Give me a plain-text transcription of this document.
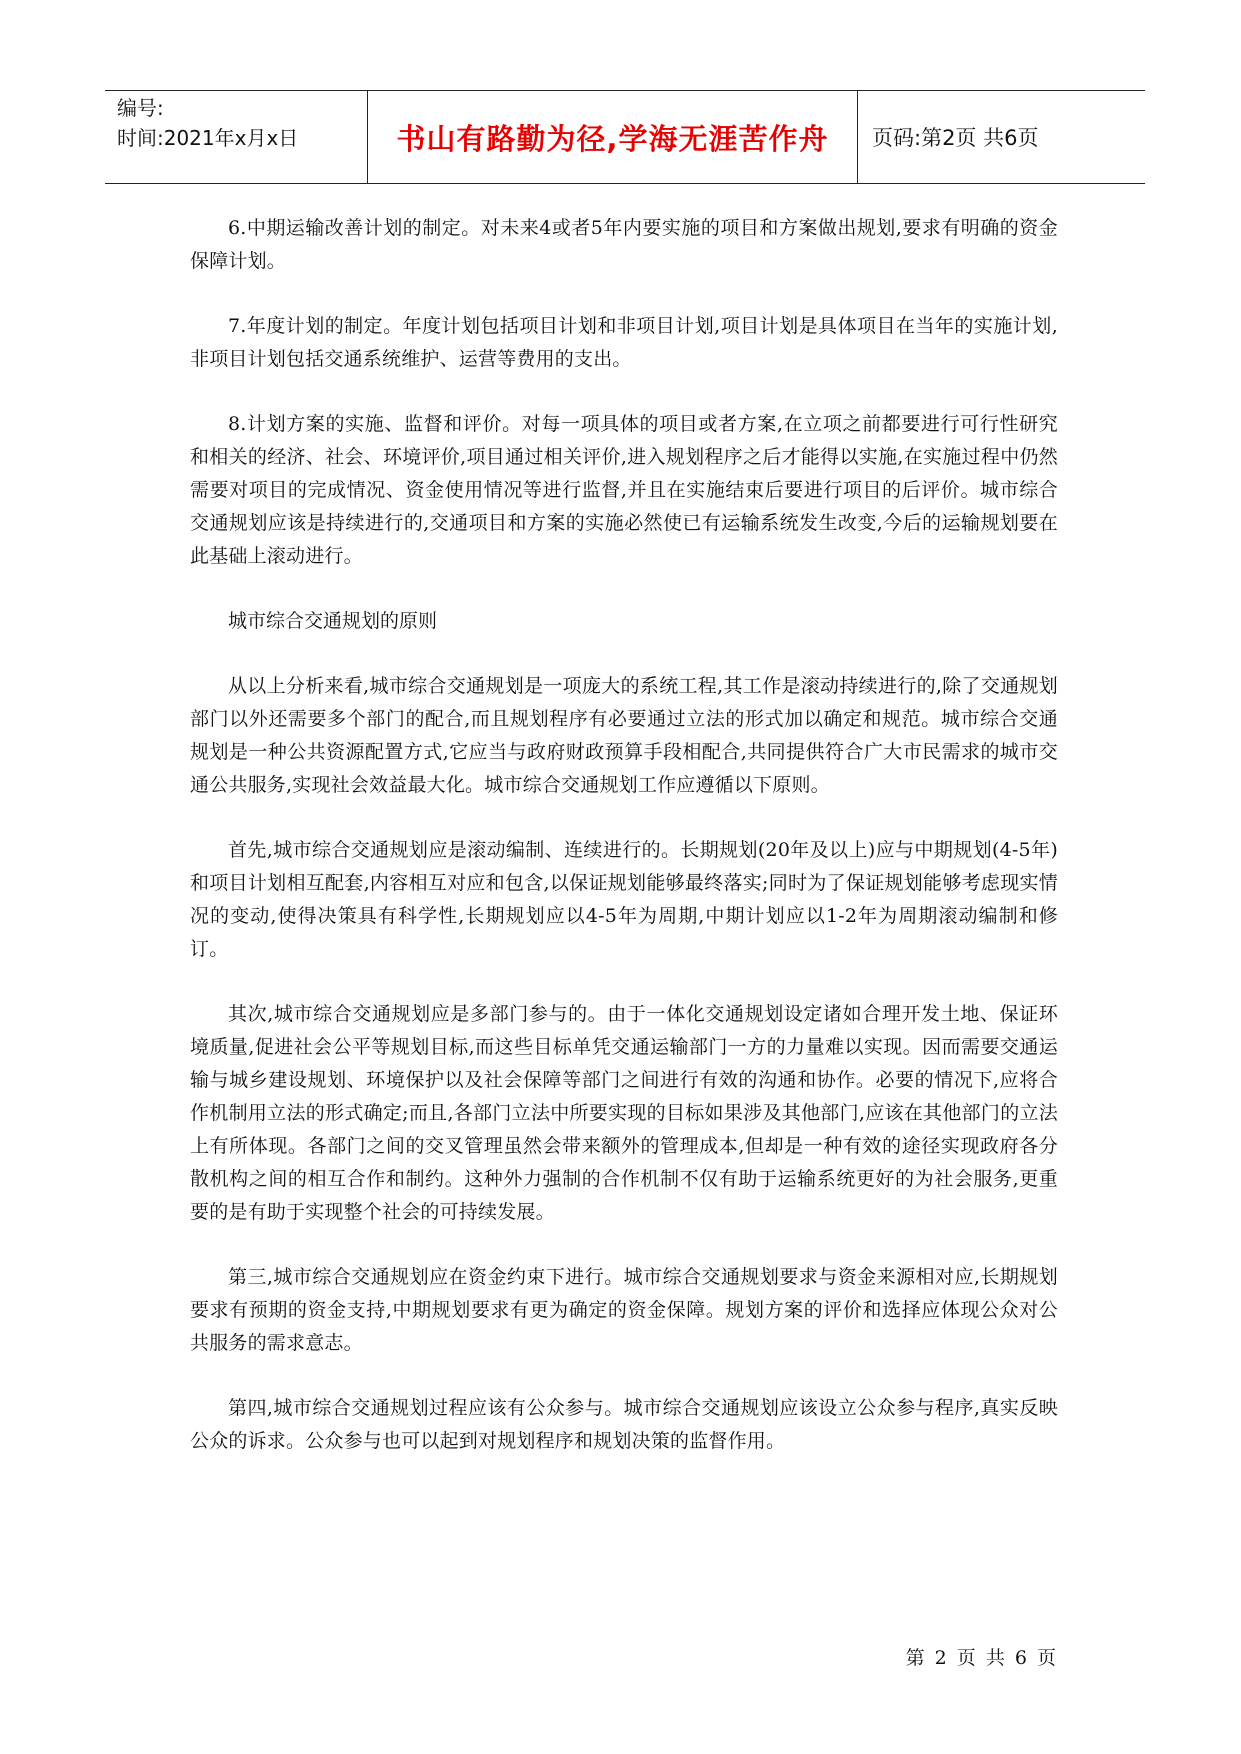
编号:
时间:2021年x月x日	书山有路勤为径,学海无涯苦作舟 页码:第2页 共6页

6.中期运输改善计划的制定。对未来4或者5年内要实施的项目和方案做出规划,要求有明确的资金保障计划。

7.年度计划的制定。年度计划包括项目计划和非项目计划,项目计划是具体项目在当年的实施计划,非项目计划包括交通系统维护、运营等费用的支出。

8.计划方案的实施、监督和评价。对每一项具体的项目或者方案,在立项之前都要进行可行性研究和相关的经济、社会、环境评价,项目通过相关评价,进入规划程序之后才能得以实施,在实施过程中仍然需要对项目的完成情况、资金使用情况等进行监督,并且在实施结束后要进行项目的后评价。城市综合交通规划应该是持续进行的,交通项目和方案的实施必然使已有运输系统发生改变,今后的运输规划要在此基础上滚动进行。

城市综合交通规划的原则

从以上分析来看,城市综合交通规划是一项庞大的系统工程,其工作是滚动持续进行的,除了交通规划部门以外还需要多个部门的配合,而且规划程序有必要通过立法的形式加以确定和规范。城市综合交通规划是一种公共资源配置方式,它应当与政府财政预算手段相配合,共同提供符合广大市民需求的城市交通公共服务,实现社会效益最大化。城市综合交通规划工作应遵循以下原则。

首先,城市综合交通规划应是滚动编制、连续进行的。长期规划(20年及以上)应与中期规划(4-5年)和项目计划相互配套,内容相互对应和包含,以保证规划能够最终落实;同时为了保证规划能够考虑现实情况的变动,使得决策具有科学性,长期规划应以4-5年为周期,中期计划应以1-2年为周期滚动编制和修订。

其次,城市综合交通规划应是多部门参与的。由于一体化交通规划设定诸如合理开发土地、保证环境质量,促进社会公平等规划目标,而这些目标单凭交通运输部门一方的力量难以实现。因而需要交通运输与城乡建设规划、环境保护以及社会保障等部门之间进行有效的沟通和协作。必要的情况下,应将合作机制用立法的形式确定;而且,各部门立法中所要实现的目标如果涉及其他部门,应该在其他部门的立法上有所体现。各部门之间的交叉管理虽然会带来额外的管理成本,但却是一种有效的途径实现政府各分散机构之间的相互合作和制约。这种外力强制的合作机制不仅有助于运输系统更好的为社会服务,更重要的是有助于实现整个社会的可持续发展。

第三,城市综合交通规划应在资金约束下进行。城市综合交通规划要求与资金来源相对应,长期规划要求有预期的资金支持,中期规划要求有更为确定的资金保障。规划方案的评价和选择应体现公众对公共服务的需求意志。

第四,城市综合交通规划过程应该有公众参与。城市综合交通规划应该设立公众参与程序,真实反映公众的诉求。公众参与也可以起到对规划程序和规划决策的监督作用。

第 2 页 共 6 页
